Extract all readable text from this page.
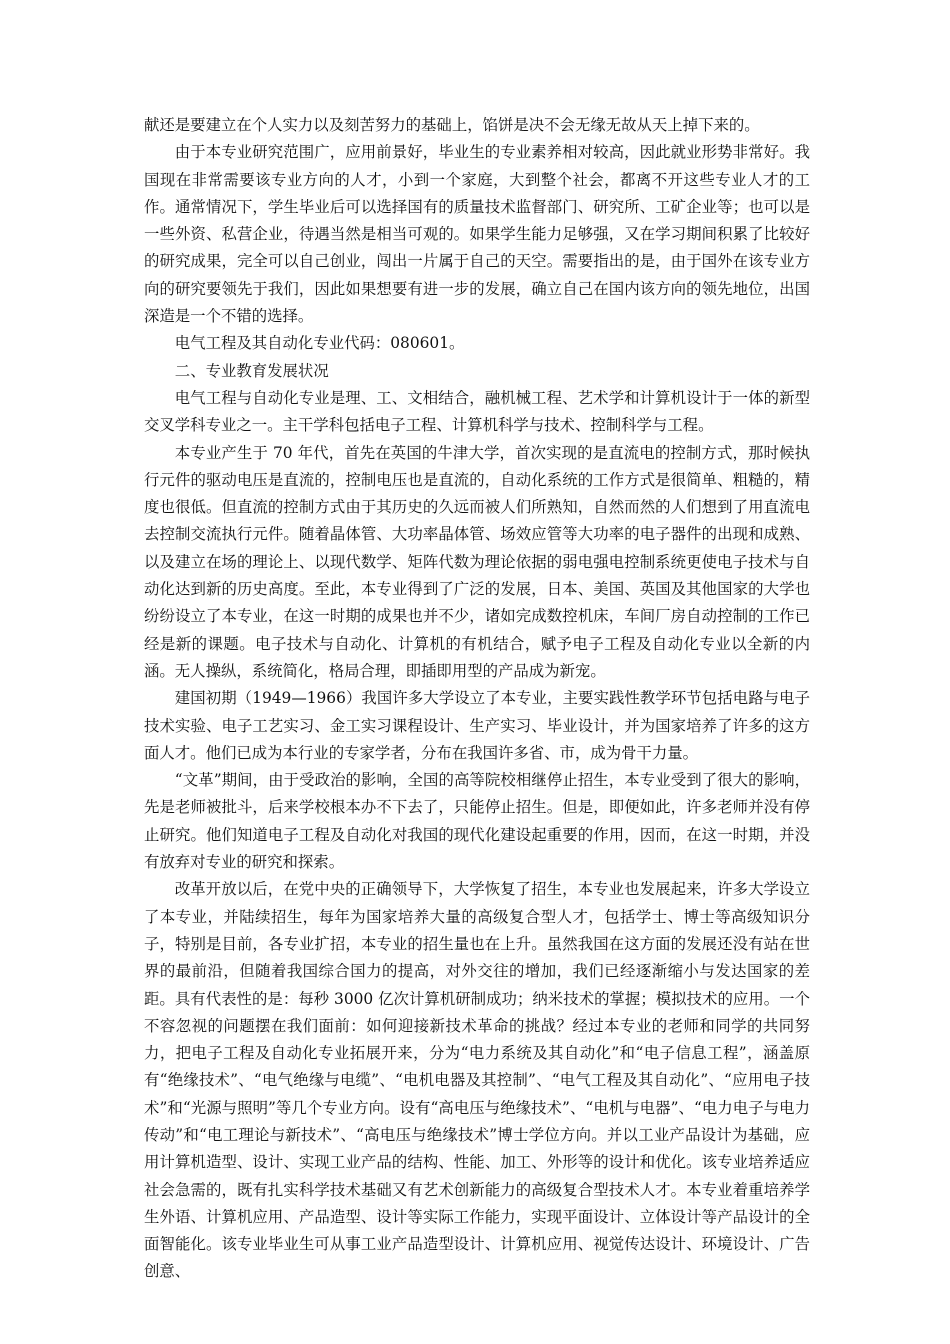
献还是要建立在个人实力以及刻苦努力的基础上，馅饼是决不会无缘无故从天上掉下来的。

由于本专业研究范围广，应用前景好，毕业生的专业素养相对较高，因此就业形势非常好。我国现在非常需要该专业方向的人才，小到一个家庭，大到整个社会，都离不开这些专业人才的工作。通常情况下，学生毕业后可以选择国有的质量技术监督部门、研究所、工矿企业等；也可以是一些外资、私营企业，待遇当然是相当可观的。如果学生能力足够强，又在学习期间积累了比较好的研究成果，完全可以自己创业，闯出一片属于自己的天空。需要指出的是，由于国外在该专业方向的研究要领先于我们，因此如果想要有进一步的发展，确立自己在国内该方向的领先地位，出国深造是一个不错的选择。

电气工程及其自动化专业代码：080601。

二、专业教育发展状况

电气工程与自动化专业是理、工、文相结合，融机械工程、艺术学和计算机设计于一体的新型交叉学科专业之一。主干学科包括电子工程、计算机科学与技术、控制科学与工程。

本专业产生于 70 年代，首先在英国的牛津大学，首次实现的是直流电的控制方式，那时候执行元件的驱动电压是直流的，控制电压也是直流的，自动化系统的工作方式是很简单、粗糙的，精度也很低。但直流的控制方式由于其历史的久远而被人们所熟知，自然而然的人们想到了用直流电去控制交流执行元件。随着晶体管、大功率晶体管、场效应管等大功率的电子器件的出现和成熟、以及建立在场的理论上、以现代数学、矩阵代数为理论依据的弱电强电控制系统更使电子技术与自动化达到新的历史高度。至此，本专业得到了广泛的发展，日本、美国、英国及其他国家的大学也纷纷设立了本专业，在这一时期的成果也并不少，诸如完成数控机床，车间厂房自动控制的工作已经是新的课题。电子技术与自动化、计算机的有机结合，赋予电子工程及自动化专业以全新的内涵。无人操纵，系统简化，格局合理，即插即用型的产品成为新宠。

建国初期（1949—1966）我国许多大学设立了本专业，主要实践性教学环节包括电路与电子技术实验、电子工艺实习、金工实习课程设计、生产实习、毕业设计，并为国家培养了许多的这方面人才。他们已成为本行业的专家学者，分布在我国许多省、市，成为骨干力量。

“文革”期间，由于受政治的影响，全国的高等院校相继停止招生，本专业受到了很大的影响，先是老师被批斗，后来学校根本办不下去了，只能停止招生。但是，即便如此，许多老师并没有停止研究。他们知道电子工程及自动化对我国的现代化建设起重要的作用，因而，在这一时期，并没有放弃对专业的研究和探索。

改革开放以后，在党中央的正确领导下，大学恢复了招生，本专业也发展起来，许多大学设立了本专业，并陆续招生，每年为国家培养大量的高级复合型人才，包括学士、博士等高级知识分子，特别是目前，各专业扩招，本专业的招生量也在上升。虽然我国在这方面的发展还没有站在世界的最前沿，但随着我国综合国力的提高，对外交往的增加，我们已经逐渐缩小与发达国家的差距。具有代表性的是：每秒 3000 亿次计算机研制成功；纳米技术的掌握；模拟技术的应用。一个不容忽视的问题摆在我们面前：如何迎接新技术革命的挑战？经过本专业的老师和同学的共同努力，把电子工程及自动化专业拓展开来，分为“电力系统及其自动化”和“电子信息工程”，涵盖原有“绝缘技术”、“电气绝缘与电缆”、“电机电器及其控制”、“电气工程及其自动化”、“应用电子技术”和“光源与照明”等几个专业方向。设有“高电压与绝缘技术”、“电机与电器”、“电力电子与电力传动”和“电工理论与新技术”、“高电压与绝缘技术”博士学位方向。并以工业产品设计为基础，应用计算机造型、设计、实现工业产品的结构、性能、加工、外形等的设计和优化。该专业培养适应社会急需的，既有扎实科学技术基础又有艺术创新能力的高级复合型技术人才。本专业着重培养学生外语、计算机应用、产品造型、设计等实际工作能力，实现平面设计、立体设计等产品设计的全面智能化。该专业毕业生可从事工业产品造型设计、计算机应用、视觉传达设计、环境设计、广告创意、
